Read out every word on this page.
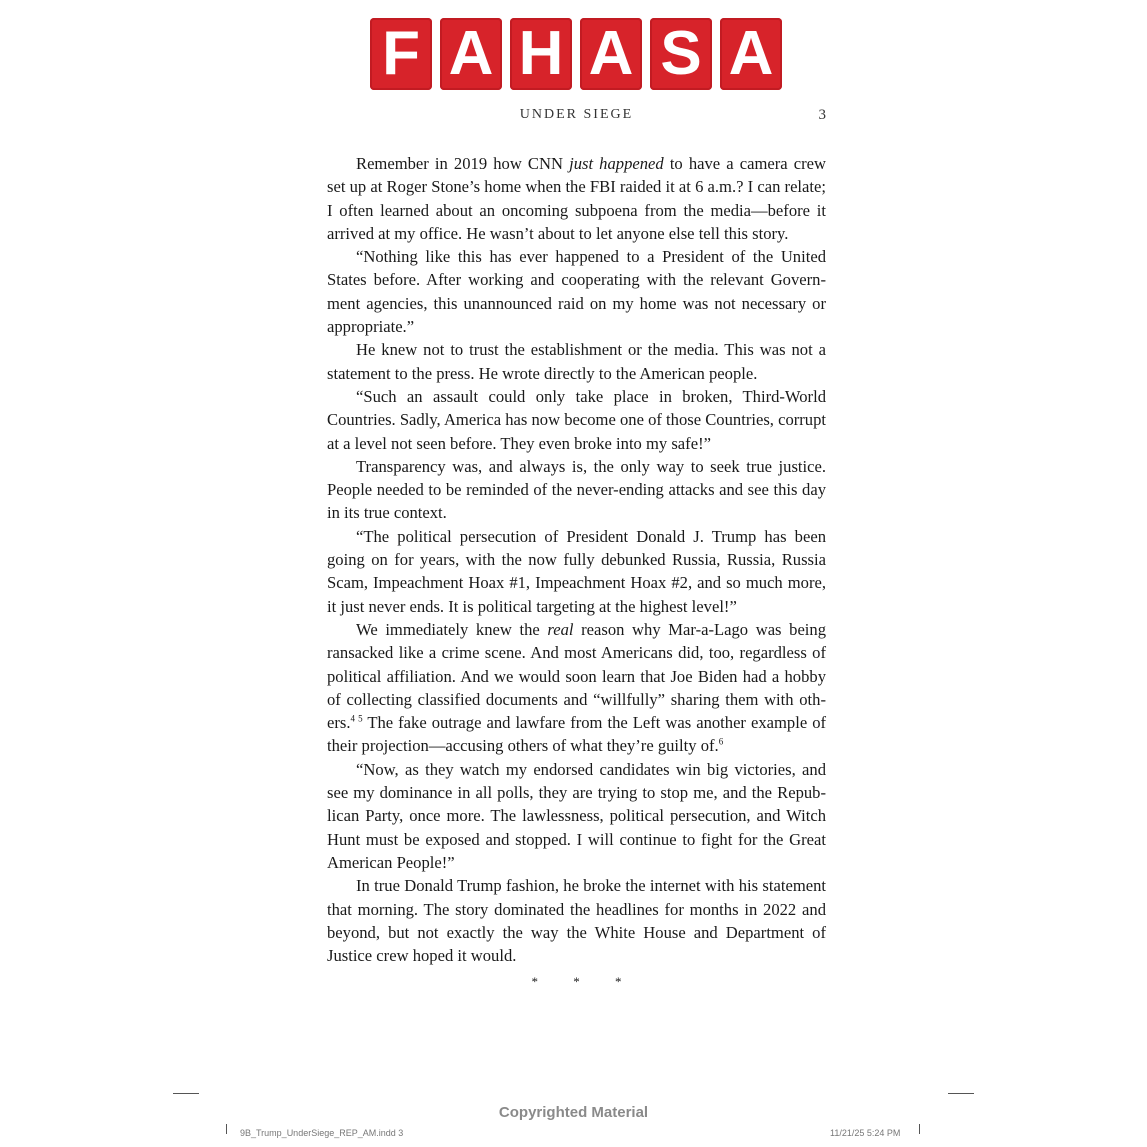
F A H A S A
UNDER SIEGE	3

Remember in 2019 how CNN just happened to have a camera crew set up at Roger Stone’s home when the FBI raided it at 6 a.m.? I can relate; I often learned about an oncoming subpoena from the media—before it arrived at my office. He wasn’t about to let anyone else tell this story.

“Nothing like this has ever happened to a President of the United States before. After working and cooperating with the relevant Government agencies, this unannounced raid on my home was not necessary or appropriate.”

He knew not to trust the establishment or the media. This was not a statement to the press. He wrote directly to the American people.

“Such an assault could only take place in broken, Third-World Countries. Sadly, America has now become one of those Countries, corrupt at a level not seen before. They even broke into my safe!”

Transparency was, and always is, the only way to seek true justice. People needed to be reminded of the never-ending attacks and see this day in its true context.

“The political persecution of President Donald J. Trump has been going on for years, with the now fully debunked Russia, Russia, Russia Scam, Impeachment Hoax #1, Impeachment Hoax #2, and so much more, it just never ends. It is political targeting at the highest level!”

We immediately knew the real reason why Mar-a-Lago was being ransacked like a crime scene. And most Americans did, too, regardless of political affiliation. And we would soon learn that Joe Biden had a hobby of collecting classified documents and “willfully” sharing them with others.$^{4 5}$ The fake outrage and lawfare from the Left was another example of their projection—accusing others of what they’re guilty of.$^6$

“Now, as they watch my endorsed candidates win big victories, and see my dominance in all polls, they are trying to stop me, and the Republican Party, once more. The lawlessness, political persecution, and Witch Hunt must be exposed and stopped. I will continue to fight for the Great American People!”

In true Donald Trump fashion, he broke the internet with his statement that morning. The story dominated the headlines for months in 2022 and beyond, but not exactly the way the White House and Department of Justice crew hoped it would.

* * *
Copyrighted Material
9B_Trump_UnderSiege_REP_AM.indd 3	11/21/25 5:24 PM
